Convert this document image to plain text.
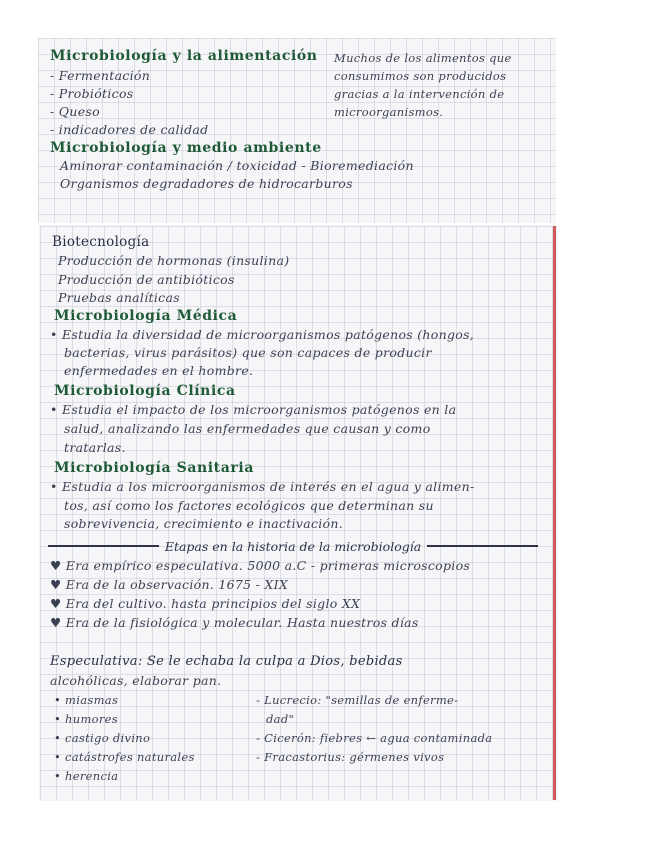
Microbiología y la alimentación
- Fermentación
- Probióticos
- Queso
- indicadores de calidad
Muchos de los alimentos que
consumimos son producidos
gracias a la intervención de
microorganismos.
Microbiología y medio ambiente
Aminorar contaminación / toxicidad - Bioremediación
Organismos degradadores de hidrocarburos
Biotecnología
Producción de hormonas (insulina)
Producción de antibióticos
Pruebas analíticas
Microbiología Médica
• Estudia la diversidad de microorganismos patógenos (hongos,
bacterias, virus parásitos) que son capaces de producir
enfermedades en el hombre.
Microbiología Clínica
• Estudia el impacto de los microorganismos patógenos en la
salud, analizando las enfermedades que causan y como
tratarlas.
Microbiología Sanitaria
• Estudia a los microorganismos de interés en el agua y alimen-
tos, así como los factores ecológicos que determinan su
sobrevivencia, crecimiento e inactivación.
Etapas en la historia de la microbiología
♥ Era empírico especulativa. 5000 a.C - primeras microscopios
♥ Era de la observación. 1675 - XIX
♥ Era del cultivo. hasta principios del siglo XX
♥ Era de la fisiológica y molecular. Hasta nuestros días
Especulativa: Se le echaba la culpa a Dios, bebidas
alcohólicas, elaborar pan.
• miasmas
• humores
• castigo divino
• catástrofes naturales
• herencia
- Lucrecio: "semillas de enferme-
dad"
- Cicerón: fiebres ← agua contaminada
- Fracastorius: gérmenes vivos
